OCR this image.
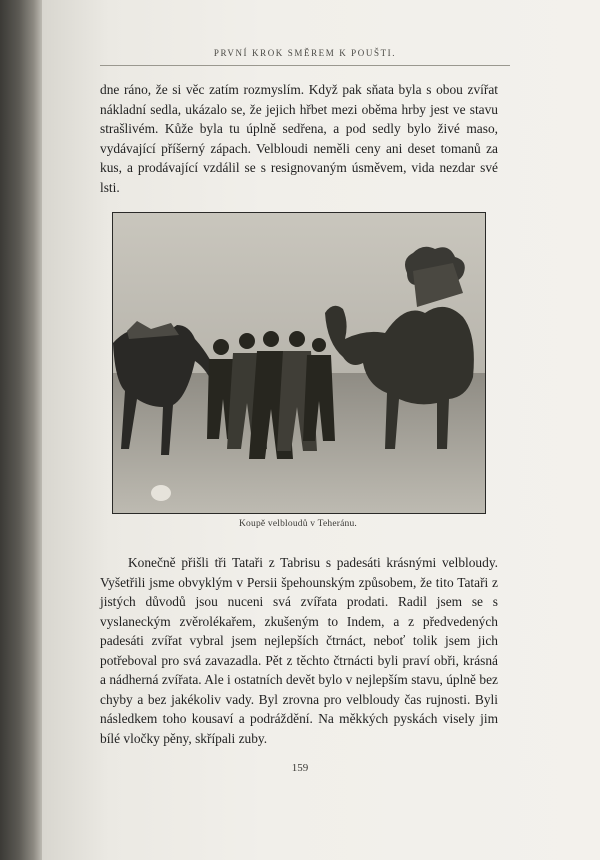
PRVNÍ KROK SMĚREM K POUŠTI.
dne ráno, že si věc zatím rozmyslím. Když pak sňata byla s obou zvířat nákladní sedla, ukázalo se, že jejich hřbet mezi oběma hrby jest ve stavu strašlivém. Kůže byla tu úplně sedřena, a pod sedly bylo živé maso, vydávající příšerný zápach. Velbloudi neměli ceny ani deset tomanů za kus, a prodávající vzdálil se s resignovaným úsměvem, vida nezdar své lsti.
Koupě velbloudů v Teheránu.
Konečně přišli tři Tataři z Tabrisu s padesáti krásnými velbloudy. Vyšetřili jsme obvyklým v Persii špehounským způsobem, že tito Tataři z jistých důvodů jsou nuceni svá zvířata prodati. Radil jsem se s vyslaneckým zvěrolékařem, zkušeným to Indem, a z předvedených padesáti zvířat vybral jsem nejlepších čtrnáct, neboť tolik jsem jich potřeboval pro svá zavazadla. Pět z těchto čtrnácti byli praví obři, krásná a nádherná zvířata. Ale i ostatních devět bylo v nejlepším stavu, úplně bez chyby a bez jakékoliv vady. Byl zrovna pro velbloudy čas rujnosti. Byli následkem toho kousaví a podráždění. Na měkkých pyskách visely jim bílé vločky pěny, skřípali zuby.
159
